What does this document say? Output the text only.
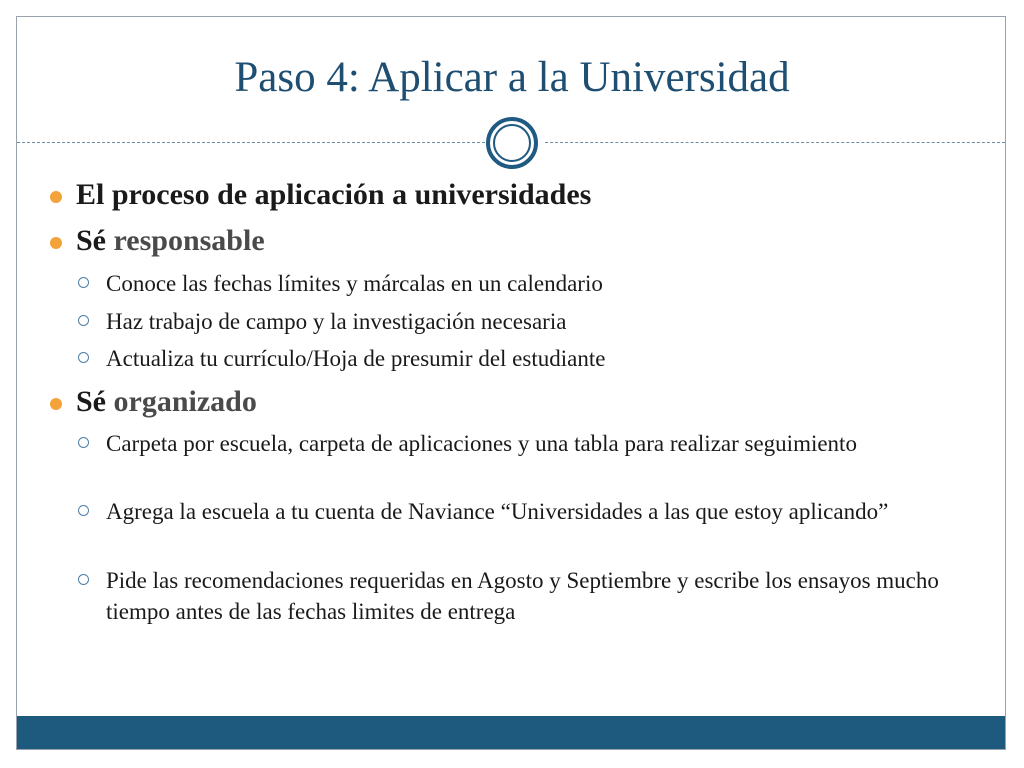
Paso 4: Aplicar a la Universidad
El proceso de aplicación a universidades
Sé responsable
Conoce las fechas límites y márcalas en un calendario
Haz trabajo de campo y la investigación necesaria
Actualiza tu currículo/Hoja de presumir del estudiante
Sé organizado
Carpeta por escuela, carpeta de aplicaciones y una tabla para realizar seguimiento
Agrega la escuela a tu cuenta de Naviance “Universidades a las que estoy aplicando”
Pide las recomendaciones requeridas en Agosto y Septiembre y escribe los ensayos mucho tiempo antes de las fechas limites de entrega
